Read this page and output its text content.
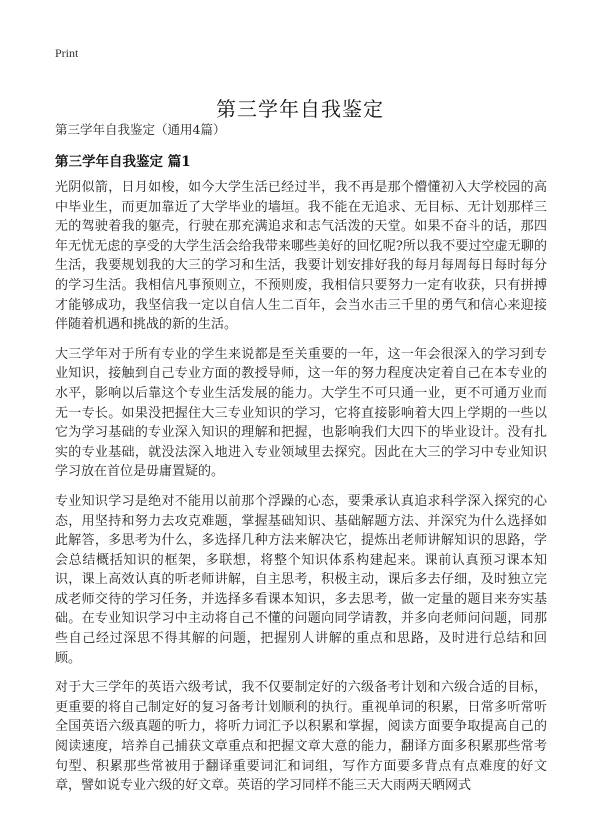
Print
第三学年自我鉴定
第三学年自我鉴定（通用4篇）
第三学年自我鉴定 篇1

光阴似箭，日月如梭，如今大学生活已经过半，我不再是那个懵懂初入大学校园的高中毕业生，而更加靠近了大学毕业的墙垣。我不能在无追求、无目标、无计划那样三无的驾驶着我的躯壳，行驶在那充满追求和志气活泼的天堂。如果不奋斗的话，那四年无忧无虑的享受的大学生活会给我带来哪些美好的回忆呢?所以我不要过空虚无聊的生活，我要规划我的大三的学习和生活，我要计划安排好我的每月每周每日每时每分的学习生活。我相信凡事预则立，不预则废，我相信只要努力一定有收获，只有拼搏才能够成功，我坚信我一定以自信人生二百年，会当水击三千里的勇气和信心来迎接伴随着机遇和挑战的新的生活。

大三学年对于所有专业的学生来说都是至关重要的一年，这一年会很深入的学习到专业知识，接触到自己专业方面的教授导师，这一年的努力程度决定着自己在本专业的水平，影响以后靠这个专业生活发展的能力。大学生不可只通一业，更不可通万业而无一专长。如果没把握住大三专业知识的学习，它将直接影响着大四上学期的一些以它为学习基础的专业深入知识的理解和把握，也影响我们大四下的毕业设计。没有扎实的专业基础，就没法深入地进入专业领域里去探究。因此在大三的学习中专业知识学习放在首位是毋庸置疑的。

专业知识学习是绝对不能用以前那个浮躁的心态，要秉承认真追求科学深入探究的心态，用坚持和努力去攻克难题，掌握基础知识、基础解题方法、并深究为什么选择如此解答，多思考为什么，多选择几种方法来解决它，提炼出老师讲解知识的思路，学会总结概括知识的框架，多联想，将整个知识体系构建起来。课前认真预习课本知识，课上高效认真的听老师讲解，自主思考，积极主动，课后多去仔细，及时独立完成老师交待的学习任务，并选择多看课本知识，多去思考，做一定量的题目来夯实基础。在专业知识学习中主动将自己不懂的问题向同学请教，并多向老师问问题，同那些自己经过深思不得其解的问题，把握别人讲解的重点和思路，及时进行总结和回顾。

对于大三学年的英语六级考试，我不仅要制定好的六级备考计划和六级合适的目标，更重要的将自己制定好的复习备考计划顺利的执行。重视单词的积累，日常多听常听全国英语六级真题的听力，将听力词汇予以积累和掌握，阅读方面要争取提高自己的阅读速度，培养自己捕获文章重点和把握文章大意的能力，翻译方面多积累那些常考句型、积累那些常被用于翻译重要词汇和词组，写作方面要多背点有点难度的好文章，譬如说专业六级的好文章。英语的学习同样不能三天大雨两天晒网式
